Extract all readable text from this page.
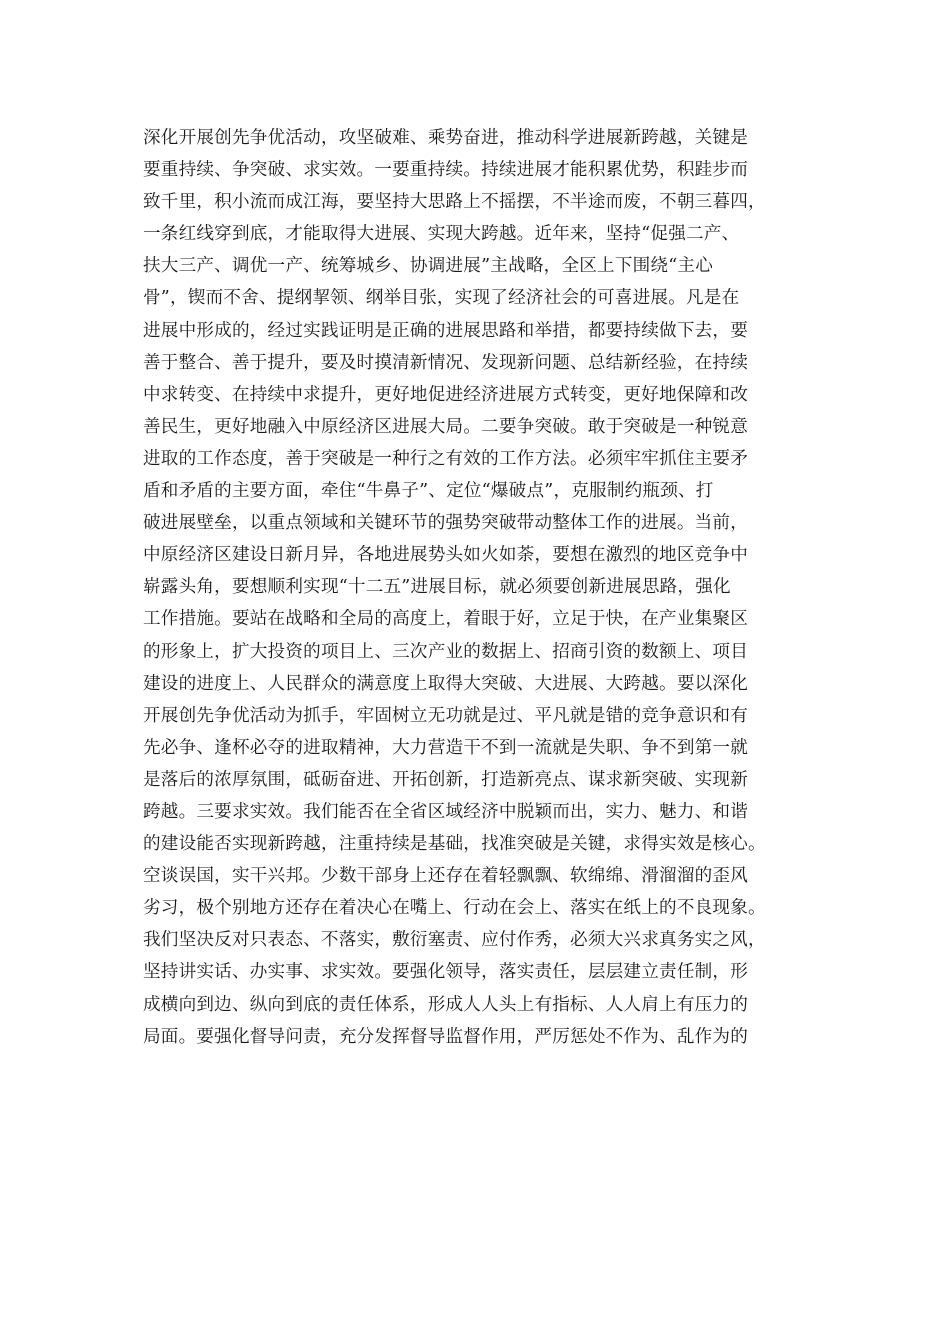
深化开展创先争优活动，攻坚破难、乘势奋进，推动科学进展新跨越，关键是
要重持续、争突破、求实效。一要重持续。持续进展才能积累优势，积跬步而
致千里，积小流而成江海，要坚持大思路上不摇摆，不半途而废，不朝三暮四，
一条红线穿到底，才能取得大进展、实现大跨越。近年来，坚持“促强二产、
扶大三产、调优一产、统筹城乡、协调进展”主战略，全区上下围绕“主心
骨”，锲而不舍、提纲挈领、纲举目张，实现了经济社会的可喜进展。凡是在
进展中形成的，经过实践证明是正确的进展思路和举措，都要持续做下去，要
善于整合、善于提升，要及时摸清新情况、发现新问题、总结新经验，在持续
中求转变、在持续中求提升，更好地促进经济进展方式转变，更好地保障和改
善民生，更好地融入中原经济区进展大局。二要争突破。敢于突破是一种锐意
进取的工作态度，善于突破是一种行之有效的工作方法。必须牢牢抓住主要矛
盾和矛盾的主要方面，牵住“牛鼻子”、定位“爆破点”，克服制约瓶颈、打
破进展壁垒，以重点领域和关键环节的强势突破带动整体工作的进展。当前，
中原经济区建设日新月异，各地进展势头如火如荼，要想在激烈的地区竞争中
崭露头角，要想顺利实现“十二五”进展目标，就必须要创新进展思路，强化
工作措施。要站在战略和全局的高度上，着眼于好，立足于快，在产业集聚区
的形象上，扩大投资的项目上、三次产业的数据上、招商引资的数额上、项目
建设的进度上、人民群众的满意度上取得大突破、大进展、大跨越。要以深化
开展创先争优活动为抓手，牢固树立无功就是过、平凡就是错的竞争意识和有
先必争、逢杯必夺的进取精神，大力营造干不到一流就是失职、争不到第一就
是落后的浓厚氛围，砥砺奋进、开拓创新，打造新亮点、谋求新突破、实现新
跨越。三要求实效。我们能否在全省区域经济中脱颖而出，实力、魅力、和谐
的建设能否实现新跨越，注重持续是基础，找准突破是关键，求得实效是核心。
空谈误国，实干兴邦。少数干部身上还存在着轻飘飘、软绵绵、滑溜溜的歪风
劣习，极个别地方还存在着决心在嘴上、行动在会上、落实在纸上的不良现象。
我们坚决反对只表态、不落实，敷衍塞责、应付作秀，必须大兴求真务实之风，
坚持讲实话、办实事、求实效。要强化领导，落实责任，层层建立责任制，形
成横向到边、纵向到底的责任体系，形成人人头上有指标、人人肩上有压力的
局面。要强化督导问责，充分发挥督导监督作用，严厉惩处不作为、乱作为的
